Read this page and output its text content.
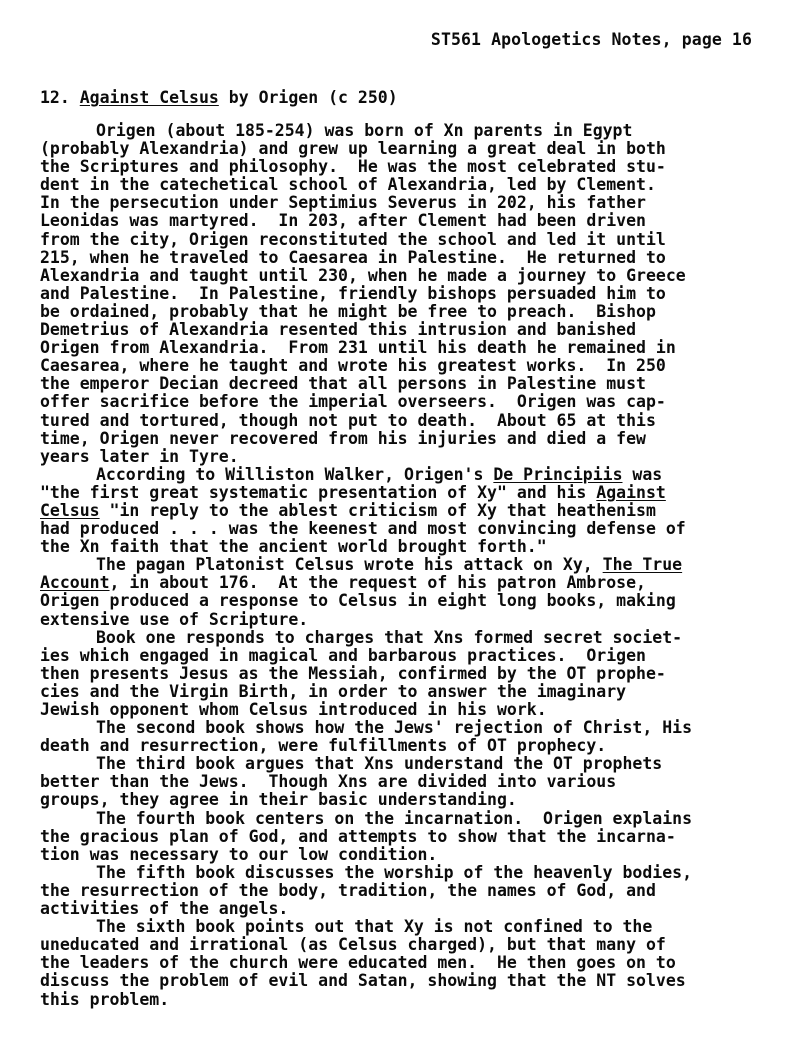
ST561 Apologetics Notes, page 16
12. Against Celsus by Origen (c 250)
Origen (about 185-254) was born of Xn parents in Egypt
(probably Alexandria) and grew up learning a great deal in both
the Scriptures and philosophy.  He was the most celebrated stu-
dent in the catechetical school of Alexandria, led by Clement.
In the persecution under Septimius Severus in 202, his father
Leonidas was martyred.  In 203, after Clement had been driven
from the city, Origen reconstituted the school and led it until
215, when he traveled to Caesarea in Palestine.  He returned to
Alexandria and taught until 230, when he made a journey to Greece
and Palestine.  In Palestine, friendly bishops persuaded him to
be ordained, probably that he might be free to preach.  Bishop
Demetrius of Alexandria resented this intrusion and banished
Origen from Alexandria.  From 231 until his death he remained in
Caesarea, where he taught and wrote his greatest works.  In 250
the emperor Decian decreed that all persons in Palestine must
offer sacrifice before the imperial overseers.  Origen was cap-
tured and tortured, though not put to death.  About 65 at this
time, Origen never recovered from his injuries and died a few
years later in Tyre.
According to Williston Walker, Origen's De Principiis was
"the first great systematic presentation of Xy" and his Against
Celsus "in reply to the ablest criticism of Xy that heathenism
had produced . . . was the keenest and most convincing defense of
the Xn faith that the ancient world brought forth."
The pagan Platonist Celsus wrote his attack on Xy, The True
Account, in about 176.  At the request of his patron Ambrose,
Origen produced a response to Celsus in eight long books, making
extensive use of Scripture.
Book one responds to charges that Xns formed secret societ-
ies which engaged in magical and barbarous practices.  Origen
then presents Jesus as the Messiah, confirmed by the OT prophe-
cies and the Virgin Birth, in order to answer the imaginary
Jewish opponent whom Celsus introduced in his work.
The second book shows how the Jews' rejection of Christ, His
death and resurrection, were fulfillments of OT prophecy.
The third book argues that Xns understand the OT prophets
better than the Jews.  Though Xns are divided into various
groups, they agree in their basic understanding.
The fourth book centers on the incarnation.  Origen explains
the gracious plan of God, and attempts to show that the incarna-
tion was necessary to our low condition.
The fifth book discusses the worship of the heavenly bodies,
the resurrection of the body, tradition, the names of God, and
activities of the angels.
The sixth book points out that Xy is not confined to the
uneducated and irrational (as Celsus charged), but that many of
the leaders of the church were educated men.  He then goes on to
discuss the problem of evil and Satan, showing that the NT solves
this problem.
